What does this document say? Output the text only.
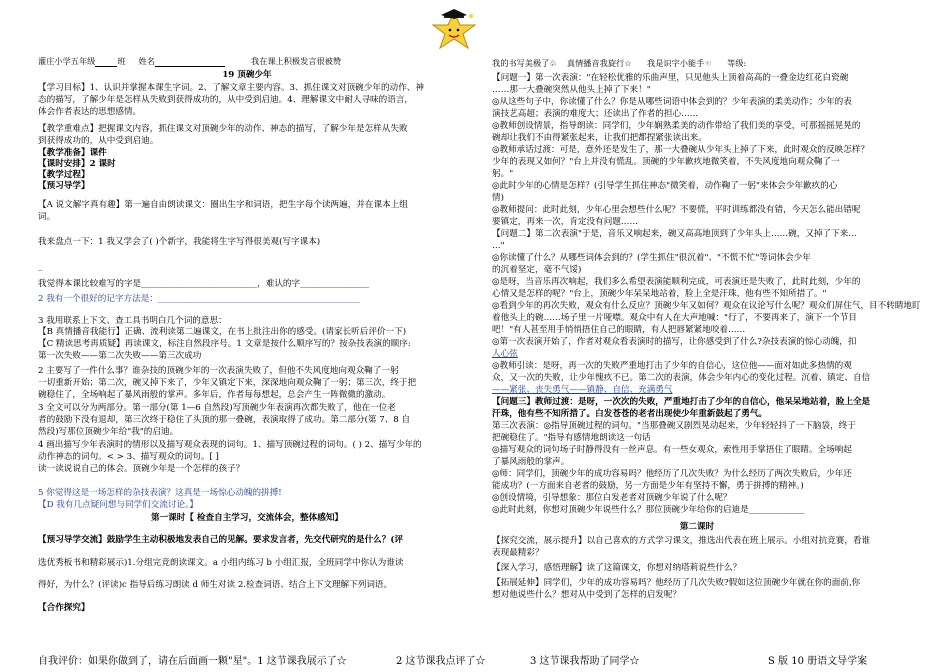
灌庄小学五年级	班 姓名	我在课上积极发言很被赞
19 顶碗少年
【学习目标】1、认识并掌握本课生字词。2、了解文章主要内容。3、抓住课文对顶碗少年的动作、神
态的描写，了解少年是怎样从失败到获得成功的，从中受到启迪。4、理解课文中耐人寻味的语言，
体会作者表达的思想感情。
【教学重难点】把握课文内容，抓住课文对顶碗少年的动作、神态的描写，了解少年是怎样从失败
到获得成功的，从中受到启迪。
【教学准备】课件
【课时安排】2 课时
【教学过程】
【预习导学】
【A 说文解字真有趣】第一遍自由朗读课文：圈出生字和词语，把生字每个读两遍，并在课本上组
词。
我来盘点一下：1 我又学会了( )个新字，我能将生字写得很美观(写字课本)
_
我觉得本课比较难写的字是___________________________，难认的字________________
2 我有一个很好的记字方法是：_______________________________________________
3 我用联系上下文、查工具书明白几个词的意思：
【B 真情播音我能行】正确、流利读第二遍课文，在书上批注出你的感受。(请家长听后评价一下)
【C 精读思考再质疑】再读课文，标注自然段序号。1 文章是按什么顺序写的？按杂技表演的顺序:
第一次失败——第二次失败——第三次成功
2 主要写了一件什么事？谁杂技的顶碗少年的一次表演失败了，但他不失风度地向观众鞠了一躬
一切重新开始；第二次，碗又掉下来了，少年又镇定下来，深深地向观众鞠了一躬；第三次，终于把
碗稳住了，全场响起了暴风雨般的掌声。多年后，作者每每想起，总会产生一阵微微的激动。
3 全文可以分为两部分。第一部分(第 1—6 自然段)写顶碗少年表演再次都失败了，他在一位老
者的鼓励下没有退却，第三次终于稳住了头顶的那一叠碗，表演取得了成功。第二部分(第 7、8 自
然段)写那位顶碗少年给"我"的启迪。
4 画出描写少年表演时的情形以及描写观众表现的词句。1、描写顶碗过程的词句。( ) 2、描写少年的
动作神态的词句。< > 3、描写观众的词句。[ ]
读一读说说自己的体会。顶碗少年是一个怎样的孩子？
5 你觉得这是一场怎样的杂技表演？这真是一场惊心动魄的拼搏!
【D 我有几点疑问想与同学们交流讨论。】
第一课时【 检查自主学习，交流体会，整体感知】
【预习导学交流】鼓励学生主动积极地发表自己的见解。要求发言者，先交代研究的是什么？(评
选优秀板书和精彩展示)1.分组完竞朗读课文。a 小组内练习 b 小组汇报，全班同学中你认为谁读
得好，为什么？(评读)c 指导后练习朗读 d 师生对读 2.检查词语、结合上下文理解下列词语。
【合作探究】
我的书写美极了♧ 真情播音我旋行☆ 我是识字小能手☜ 等级:
【问题一】第一次表演："在轻松优雅的乐曲声里，只见他头上顶着高高的一叠金边红花白瓷碗
……那一大叠碗突然从他头上掉了下来！"
◎从这些句子中，你读懂了什么？你是从哪些词语中体会到的？少年表演的柔美动作；少年的表
演技艺高超；表演的难度大；还读出了作者的担心……
◎教师创设情景，指导朗读：同学们，少年娴熟柔美的动作带给了我们美的享受，可那摇摇晃晃的
碗却让我们不由得紧张起来，让我们把都捏紧张读出来。
◎教师承话过渡：可是，意外还是发生了，那一大叠碗从少年头上掉了下来，此时观众的反映怎样？
少年的表现又如何？"台上并没有慌乱。顶碗的少年歉疚地微笑着，不失风度地向观众鞠了一
躬。"
◎此时少年的心情是怎样？(引导学生抓住神态"微笑着，动作鞠了一躬"来体会少年歉疚的心
情)
◎教师提问：此时此刻，少年心里会想些什么呢？不要慌，平时训练都没有错，今天怎么能出错呢
要镇定，再来一次，肯定没有问题……
【问题二】第二次表演"于是，音乐又响起来，碗又高高地顶到了少年头上……碗，又掉了下来…
…"
◎你读懂了什么？从哪些词体会到的？(学生抓住"很沉着"、"不慌不忙"等词体会少年
的沉着坚定，毫不气馁)
◎是呀，当音乐再次响起，我们多么希望表演能顺利完成，可表演还是失败了，此时此刻，少年的
心情又是怎样的呢？"台上，顶碗少年呆呆地站着，脸上全是汗珠，他有些不知所措了。"
◎看到少年的再次失败，观众有什么反应？顶碗少年又如何？观众在议论写什么呢？观众们屏住气，目不转睛地盯
着他头上的碗……场子里一片哑噤。观众中有人在大声地喊："行了，不要再来了，演下一个节目
吧！"有人甚至用手悄悄捂住自己的眼睛，有人把唇紧紧地咬着……
◎第一次表演开始了，作者对观众看表演时的描写，让你感受到了什么?杂技表演的惊心动魄，扣
人心弦
◎教师引读：是呀，再一次的失败严重地打击了少年的自信心，这位他——面对如此多热情的观
众，又一次的失败，让少年愧疚不已。第二次的表演，体会少年内心的变化过程。沉着、镇定、自信
——紧张、丧失勇气——镇静、自信、充满勇气
【问题三】教师过渡：是呀，一次次的失败，严重地打击了少年的自信心，他呆呆地站着，脸上全是
汗珠，他有些不知所措了。白发苍苍的老者出现使少年重新鼓起了勇气。
第三次表演：◎指导顶碗过程的词句。"当那叠碗又剧烈晃动起来，少年轻轻抖了一下脑袋，终于
把碗稳住了。"指导有感情地朗读这一句话
◎描写观众的词句场子时静得没有一丝声息。有一些女观众，索性用手掌捂住了眼睛。全场响起
了暴风雨般的掌声。
◎师：同学们，顶碗少年的成功容易吗？他经历了几次失败？为什么经历了两次失败后，少年还
能成功？(一方面来自老者的鼓励，另一方面是少年有坚持不懈，勇于拼搏的精神。)
◎创设情境，引导想象：那位白发老者对顶碗少年说了什么呢？
◎此时此刻，你想对顶碗少年说些什么？那位顶碗少年给你的启迪是_____________
第二课时
【探究交流，展示提升】以自己喜欢的方式学习课文，推选出代表在班上展示。小组对抗竞赛，看谁
表现最精彩？
【深入学习，感悟理解】读了这篇课文，你想对纳塔莉说些什么？
【拓展延伸】同学们，少年的成功容易吗？他经历了几次失败?假如这位顶碗少年就在你的面前,你
想对他说些什么？想对从中受到了怎样的启发呢？
自我评价：如果你做到了，请在后面画一颗"星"。1 这节课我展示了☆	2 这节课我点评了☆	3 这节课我帮助了同学☆	S 版 10 册语文导学案
